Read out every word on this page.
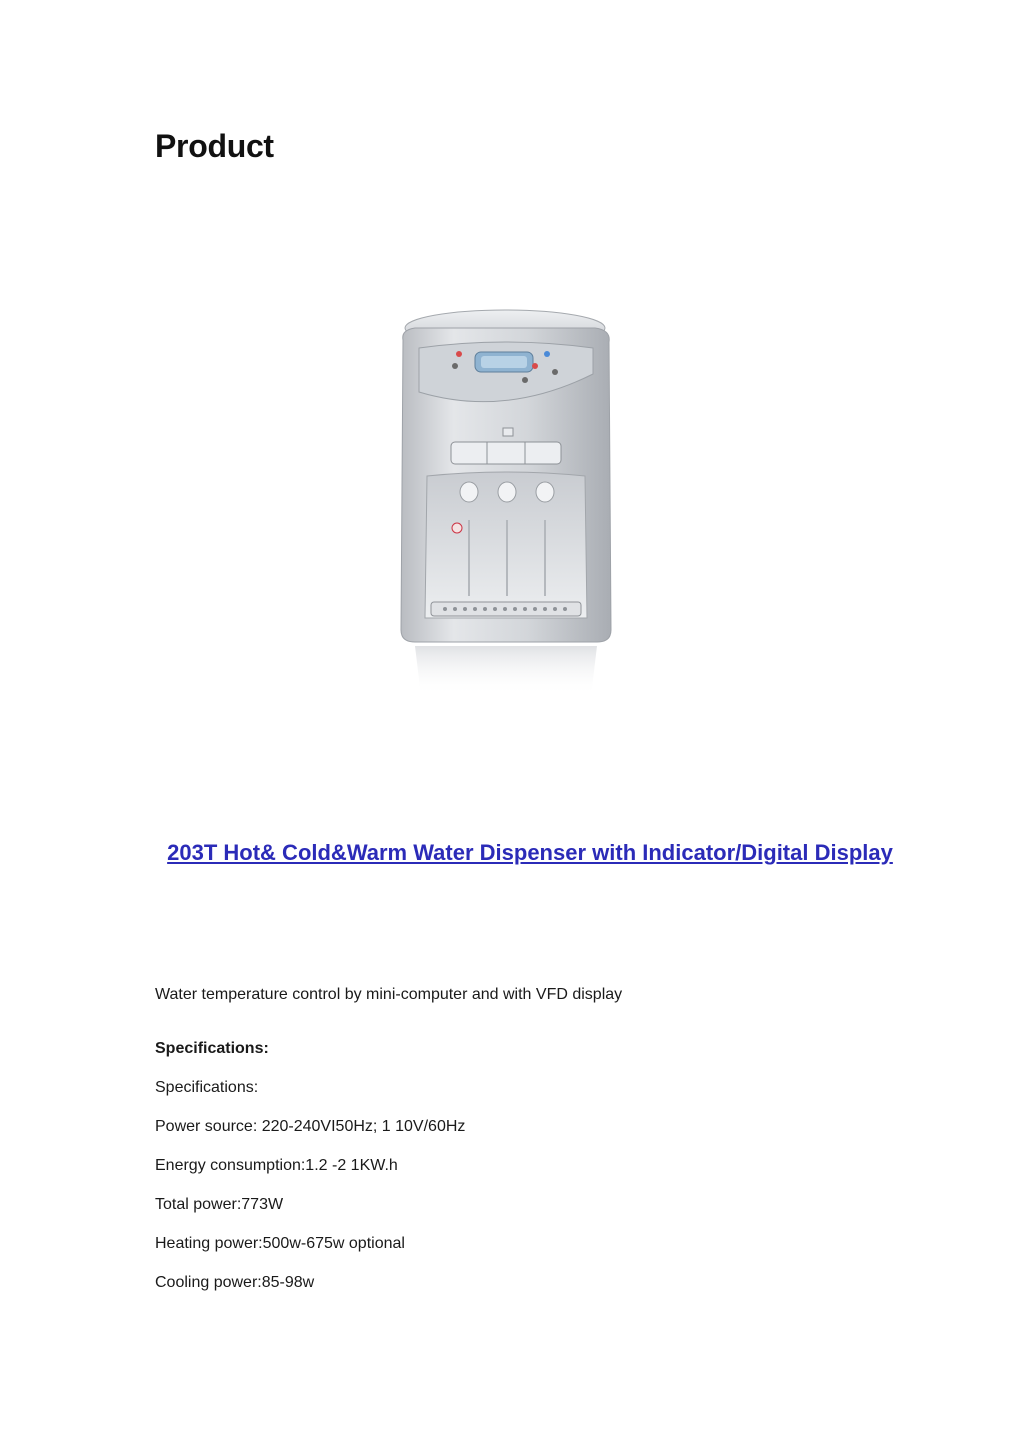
Product
203T Hot& Cold&Warm Water Dispenser with Indicator/Digital Display

Water temperature control by mini-computer and with VFD display

Specifications:

Specifications:

Power source: 220-240VI50Hz; 1 10V/60Hz

Energy consumption:1.2 -2 1KW.h

Total power:773W

Heating power:500w-675w optional

Cooling power:85-98w
